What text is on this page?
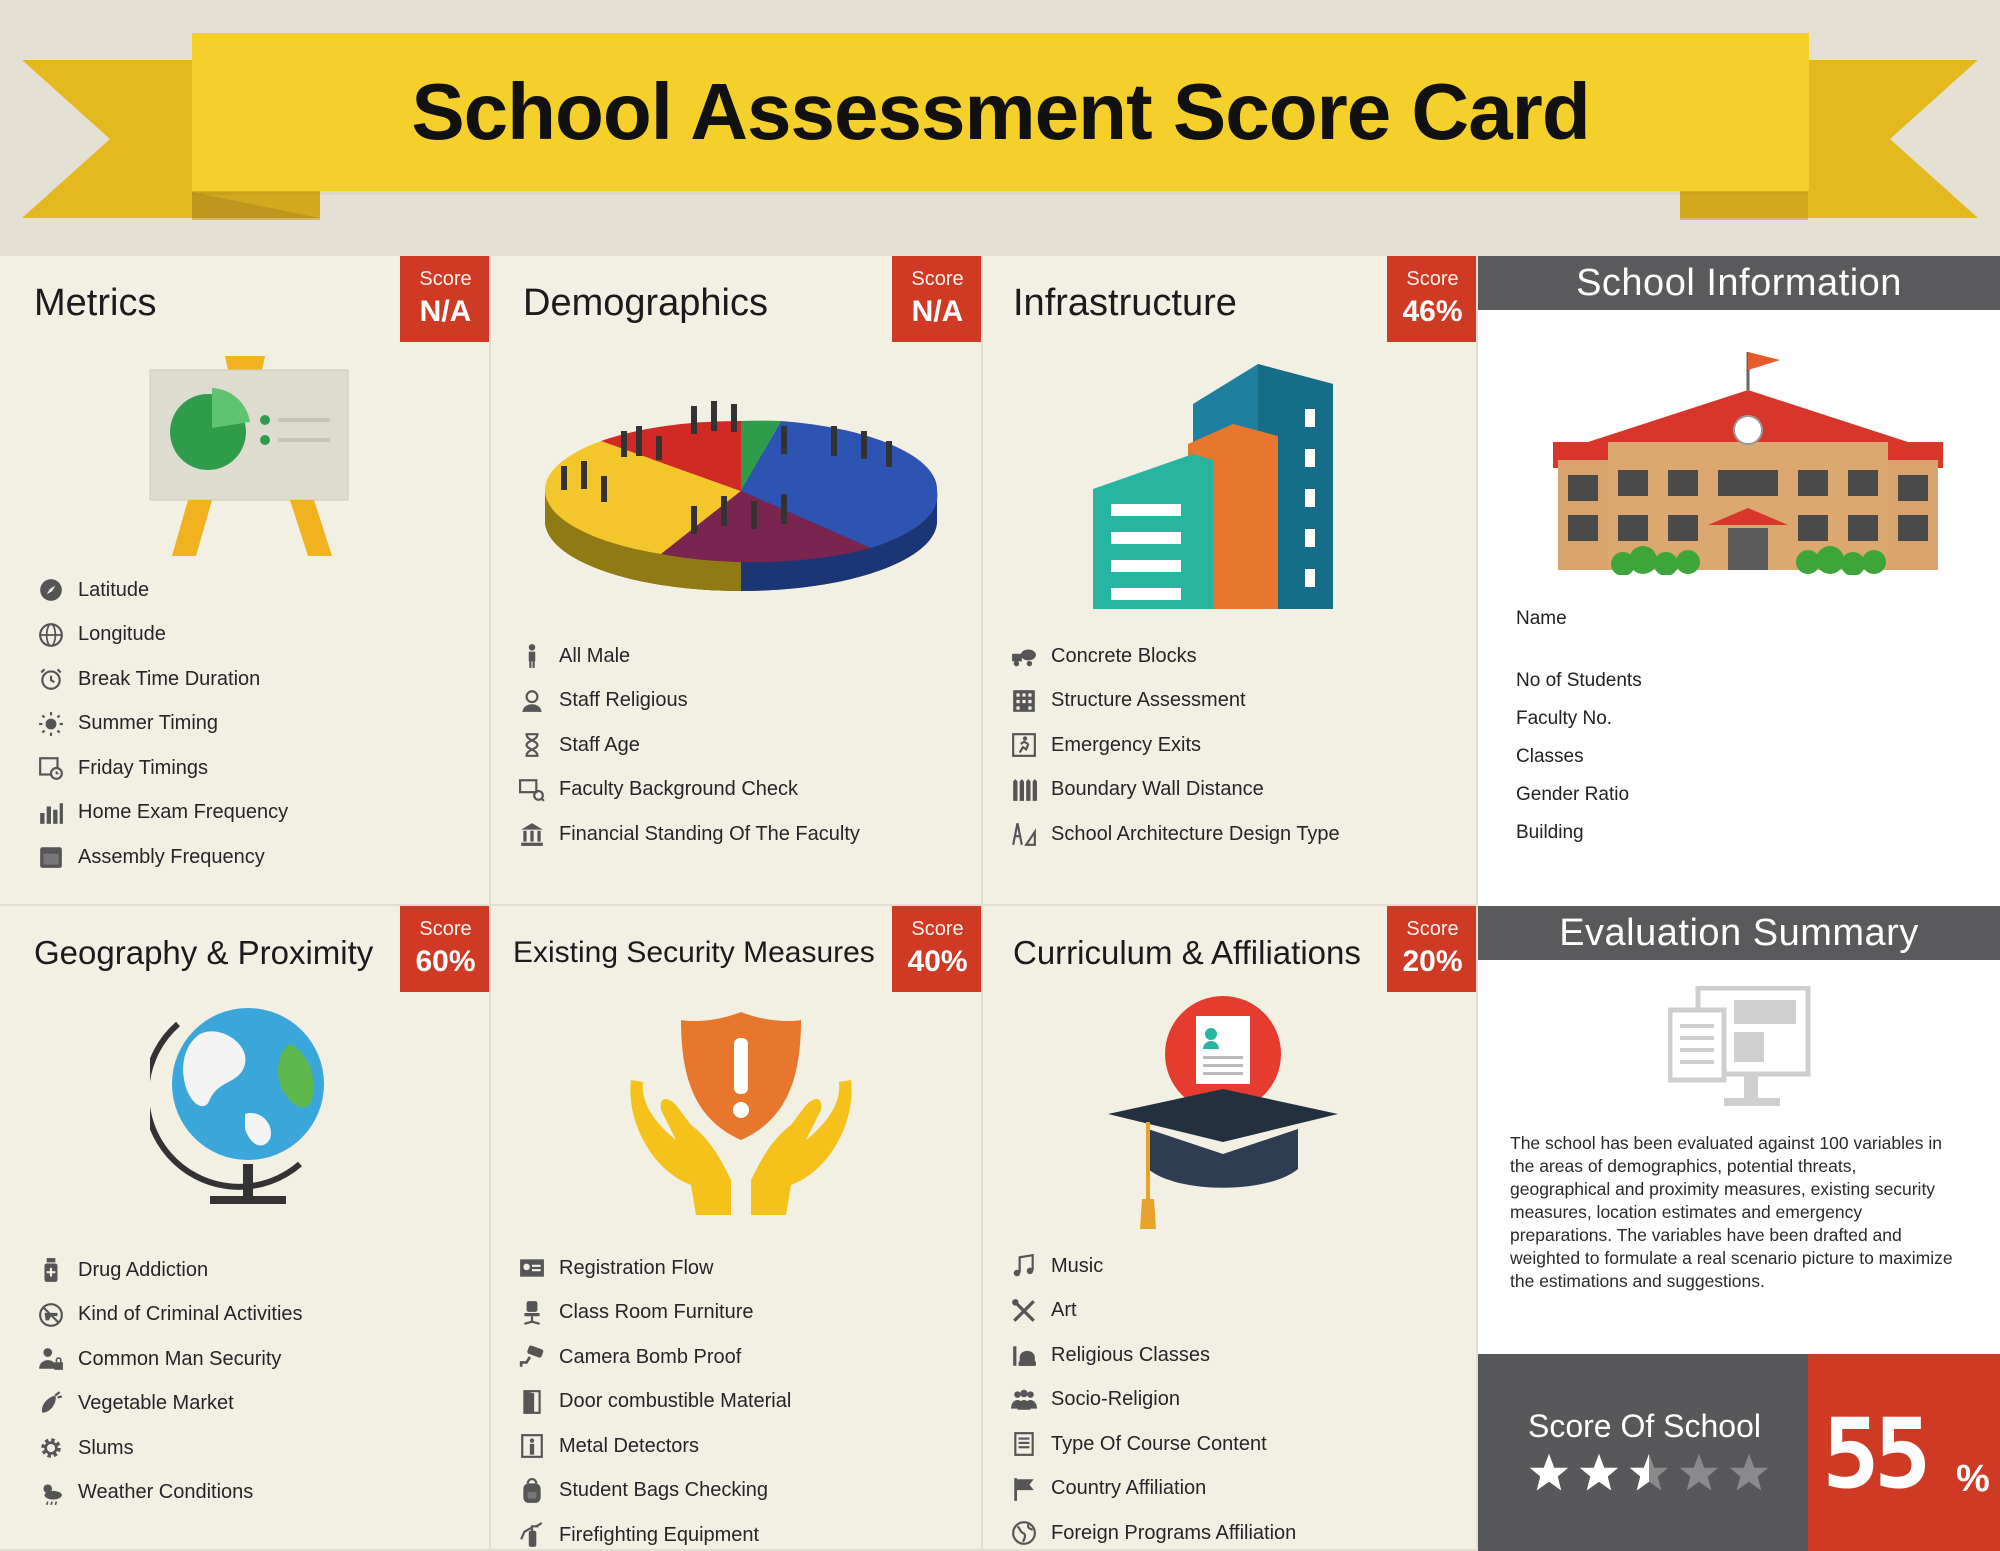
School Assessment Score Card
Metrics
Score
N/A
Latitude
Longitude
Break Time Duration
Summer Timing
Friday Timings
Home Exam Frequency
Assembly Frequency
Demographics
Score
N/A
All Male
Staff Religious
Staff Age
Faculty Background Check
Financial Standing Of The Faculty
Infrastructure
Score
46%
Concrete Blocks
Structure Assessment
Emergency Exits
Boundary Wall Distance
School Architecture Design Type
School Information
Name
No of Students
Faculty No.
Classes
Gender Ratio
Building
Geography & Proximity
Score
60%
Drug Addiction
Kind of Criminal Activities
Common Man Security
Vegetable Market
Slums
Weather Conditions
Existing Security Measures
Score
40%
Registration Flow
Class Room Furniture
Camera Bomb Proof
Door combustible Material
Metal Detectors
Student Bags Checking
Firefighting Equipment
Curriculum & Affiliations
Score
20%
Music
Art
Religious Classes
Socio-Religion
Type Of Course Content
Country Affiliation
Foreign Programs Affiliation
Evaluation Summary

The school has been evaluated against 100 variables in the areas of demographics, potential threats, geographical and proximity measures, existing security measures, location estimates and emergency preparations. The variables have been drafted and weighted to formulate a real scenario picture to maximize the estimations and suggestions.

Score Of School 55 %
